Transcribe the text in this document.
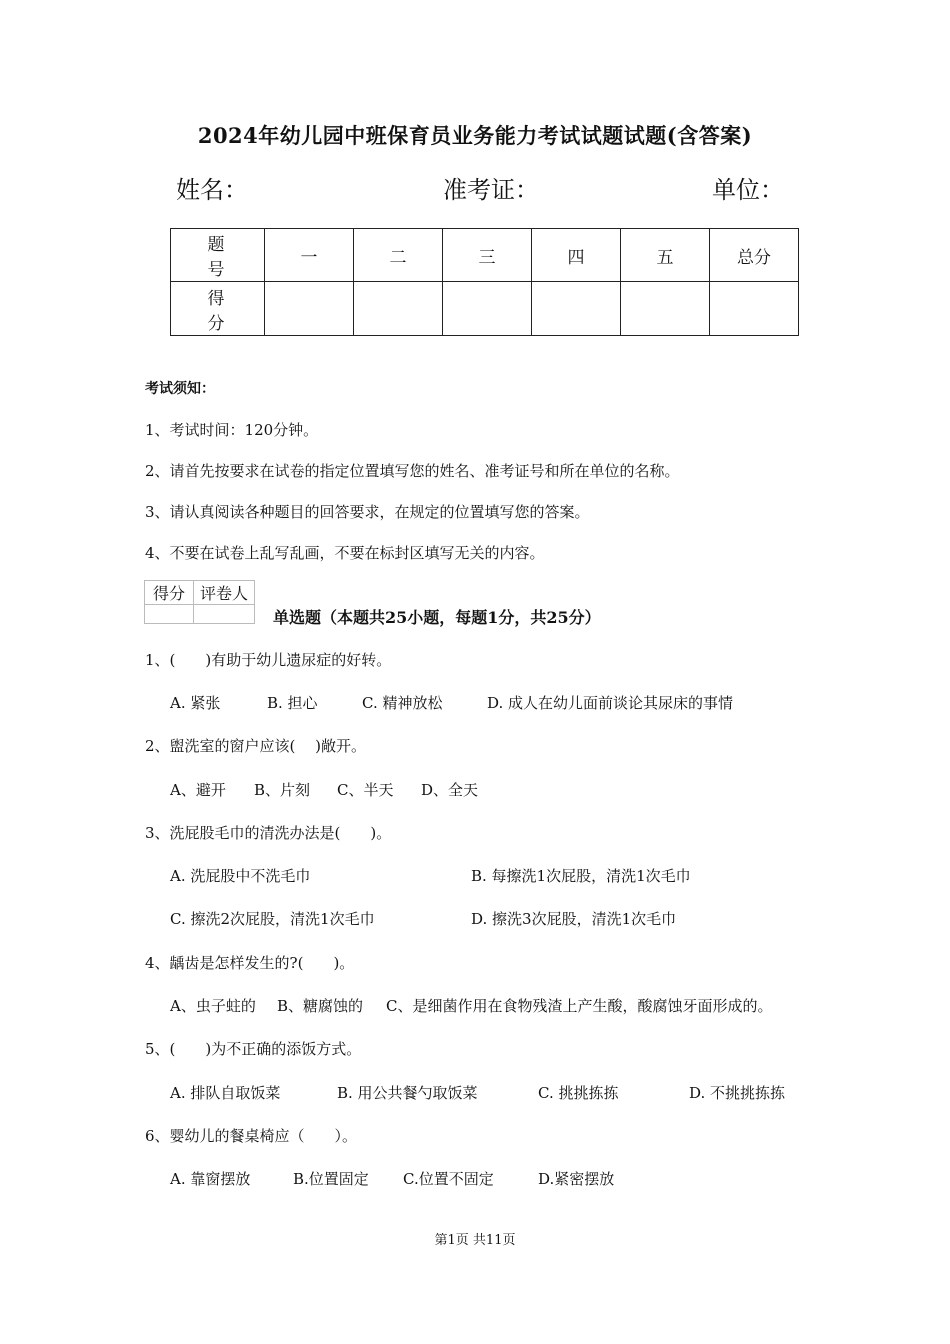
2024年幼儿园中班保育员业务能力考试试题试题(含答案)
姓名：	准考证：	单位：
题　号	一	二	三	四	五	总分
得　分						
考试须知：
1、考试时间：120分钟。
2、请首先按要求在试卷的指定位置填写您的姓名、准考证号和所在单位的名称。
3、请认真阅读各种题目的回答要求，在规定的位置填写您的答案。
4、不要在试卷上乱写乱画，不要在标封区填写无关的内容。
得分	评卷人

单选题（本题共25小题，每题1分，共25分）
1、(　　)有助于幼儿遗尿症的好转。
A. 紧张	B. 担心	C. 精神放松	D. 成人在幼儿面前谈论其尿床的事情
2、盥洗室的窗户应该(　 )敞开。
A、避开 B、片刻 C、半天 D、全天
3、洗屁股毛巾的清洗办法是(　　)。
A. 洗屁股中不洗毛巾	B. 每擦洗1次屁股，清洗1次毛巾
C. 擦洗2次屁股，清洗1次毛巾	D. 擦洗3次屁股，清洗1次毛巾
4、龋齿是怎样发生的?(　　)。
A、虫子蛀的 B、糖腐蚀的 C、是细菌作用在食物残渣上产生酸，酸腐蚀牙面形成的。
5、(　　)为不正确的添饭方式。
A. 排队自取饭菜	B. 用公共餐勺取饭菜	C. 挑挑拣拣	D. 不挑挑拣拣
6、婴幼儿的餐桌椅应（　　）。
A. 靠窗摆放	B.位置固定 C.位置不固定	D.紧密摆放
第1页 共11页
